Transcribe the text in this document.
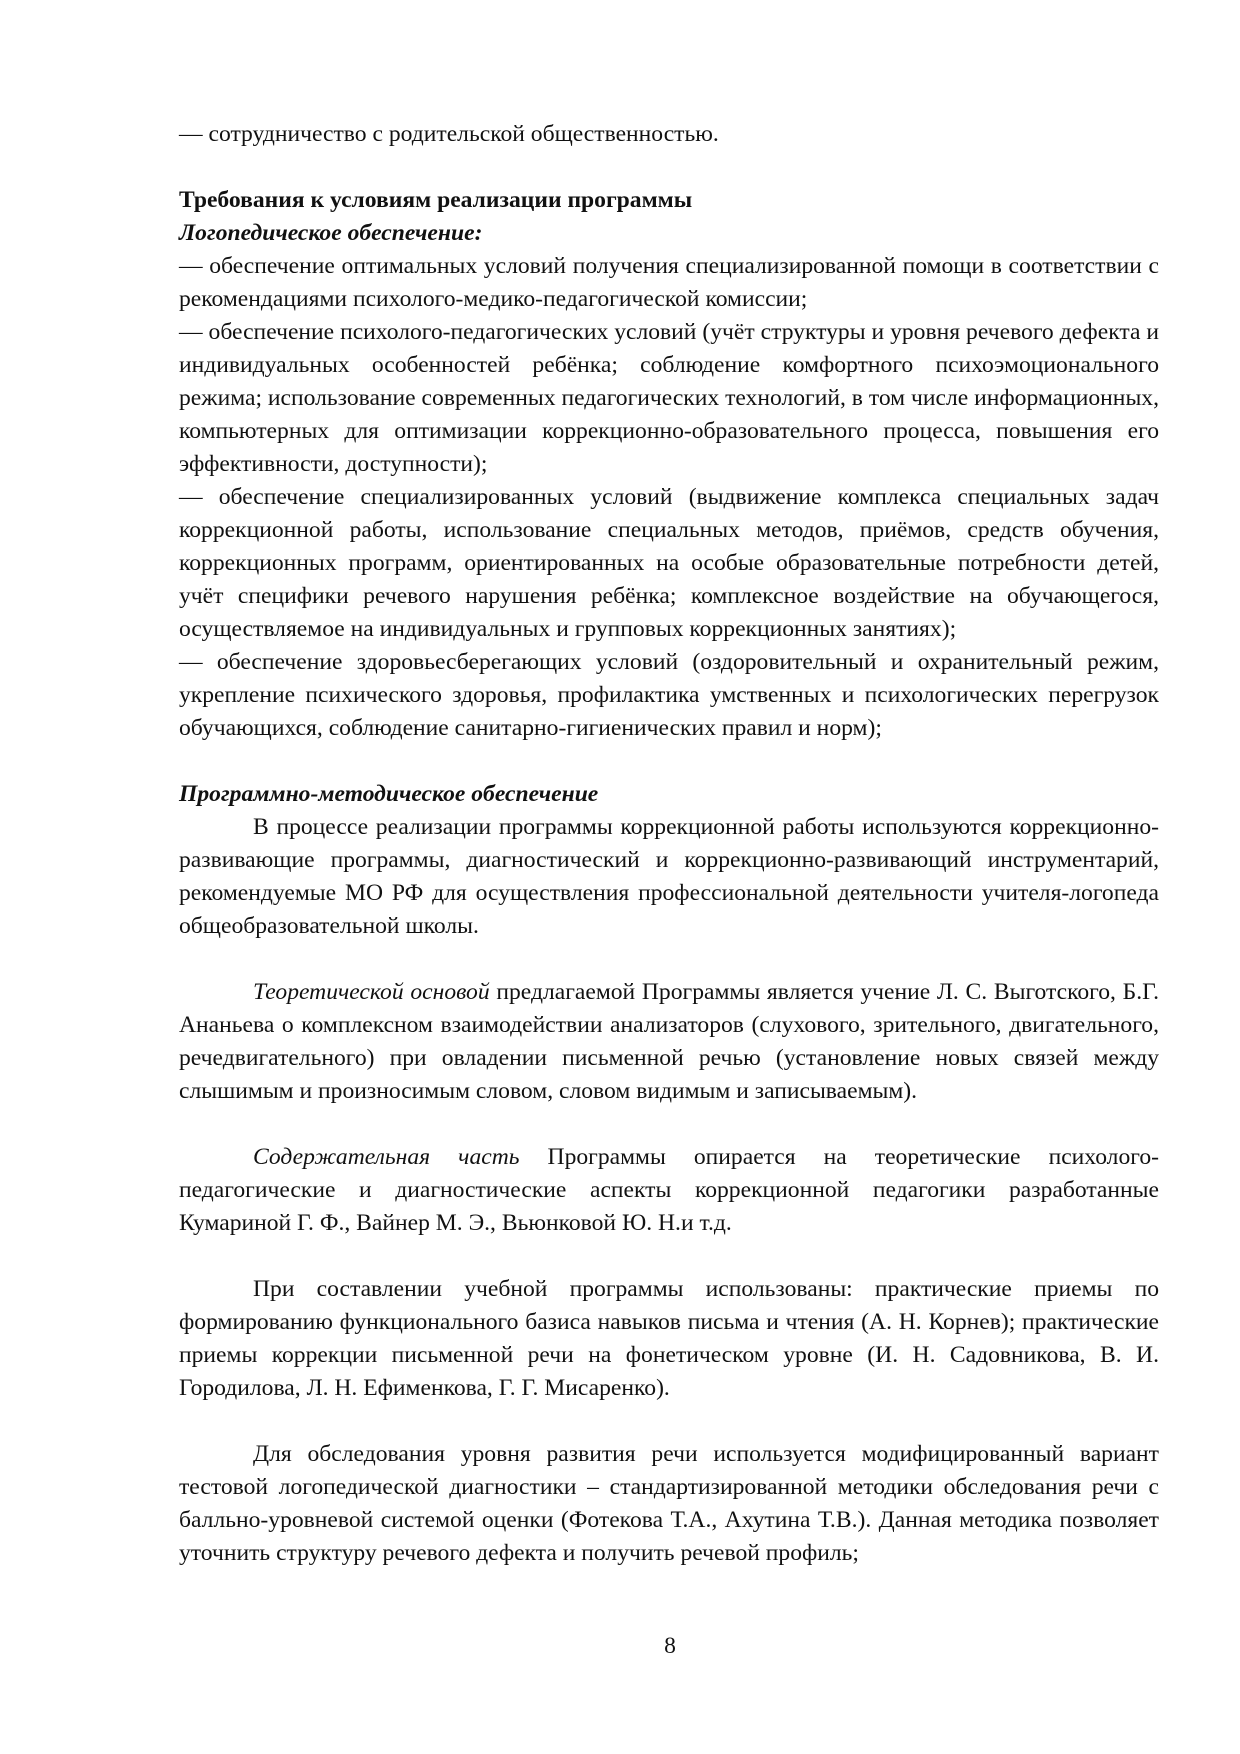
— сотрудничество с родительской общественностью.

Требования к условиям реализации программы

Логопедическое обеспечение:

— обеспечение оптимальных условий получения специализированной помощи в соответствии с рекомендациями психолого-медико-педагогической комиссии;

— обеспечение психолого-педагогических условий (учёт структуры и уровня речевого дефекта и индивидуальных особенностей ребёнка; соблюдение комфортного психоэмоционального режима; использование современных педагогических технологий, в том числе информационных, компьютерных для оптимизации коррекционно-образовательного процесса, повышения его эффективности, доступности);

— обеспечение специализированных условий (выдвижение комплекса специальных задач коррекционной работы, использование специальных методов, приёмов, средств обучения, коррекционных программ, ориентированных на особые образовательные потребности детей, учёт специфики речевого нарушения ребёнка; комплексное воздействие на обучающегося, осуществляемое на индивидуальных и групповых коррекционных занятиях);

— обеспечение здоровьесберегающих условий (оздоровительный и охранительный режим, укрепление психического здоровья, профилактика умственных и психологических перегрузок обучающихся, соблюдение санитарно-гигиенических правил и норм);

Программно-методическое обеспечение

В процессе реализации программы коррекционной работы используются коррекционно-развивающие программы, диагностический и коррекционно-развивающий инструментарий, рекомендуемые МО РФ для осуществления профессиональной деятельности учителя-логопеда общеобразовательной школы.

Теоретической основой предлагаемой Программы является учение Л. С. Выготского, Б.Г. Ананьева о комплексном взаимодействии анализаторов (слухового, зрительного, двигательного, речедвигательного) при овладении письменной речью (установление новых связей между слышимым и произносимым словом, словом видимым и записываемым).

Содержательная часть Программы опирается на теоретические психолого-педагогические и диагностические аспекты коррекционной педагогики разработанные Кумариной Г. Ф., Вайнер М. Э., Вьюнковой Ю. Н.и т.д.

При составлении учебной программы использованы: практические приемы по формированию функционального базиса навыков письма и чтения (А. Н. Корнев); практические приемы коррекции письменной речи на фонетическом уровне (И. Н. Садовникова, В. И. Городилова, Л. Н. Ефименкова, Г. Г. Мисаренко).

Для обследования уровня развития речи используется модифицированный вариант тестовой логопедической диагностики – стандартизированной методики обследования речи с балльно-уровневой системой оценки (Фотекова Т.А., Ахутина Т.В.). Данная методика позволяет уточнить структуру речевого дефекта и получить речевой профиль;

8
